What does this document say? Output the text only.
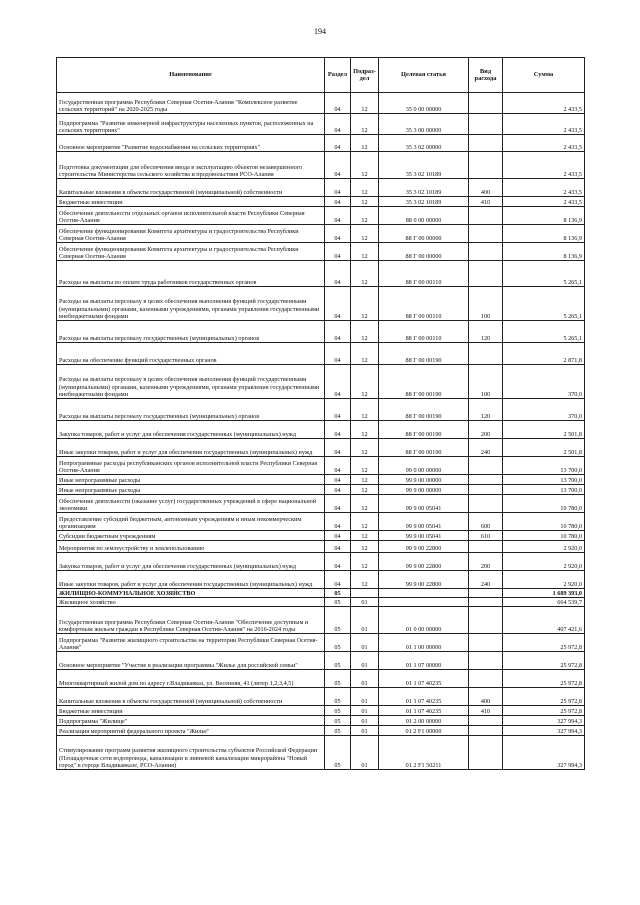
194
Наименование	Раздел	Подраз-дел	Целевая статья	Вид расхода	Сумма
Государственная программа Республики Северная Осетия-Алания "Комплексное развитие сельских территорий" на 2020-2025 годы	04	12	35 0 00 00000		2 433,5
Подпрограмма "Развитие инженерной инфраструктуры населенных пунктов, расположенных на сельских территориях"	04	12	35 3 00 00000		2 433,5
Основное мероприятие "Развитие водоснабжения на сельских территориях"	04	12	35 3 02 00000		2 433,5
Подготовка документации для обеспечения ввода в эксплуатацию объектов незавершенного строительства Министерства сельского хозяйства и продовольствия РСО-Алания	04	12	35 3 02 10189		2 433,5
Капитальные вложения в объекты государственной (муниципальной) собственности	04	12	35 3 02 10189	400	2 433,5
Бюджетные инвестиции	04	12	35 3 02 10189	410	2 433,5
Обеспечение деятельности отдельных органов исполнительной власти Республики Северная Осетия-Алания	04	12	88 0 00 00000		8 136,9
Обеспечение функционирования Комитета архитектуры и градостроительства Республики Северная Осетия-Алания	04	12	88 Г 00 00000		8 136,9
Обеспечение функционирования Комитета архитектуры и градостроительства Республики Северная Осетия-Алания	04	12	88 Г 00 00000		8 136,9
Расходы на выплаты по оплате труда работников государственных органов	04	12	88 Г 00 00110		5 265,1
Расходы на выплаты персоналу в целях обеспечения выполнения функций государственными (муниципальными) органами, казенными учреждениями, органами управления государственными внебюджетными фондами	04	12	88 Г 00 00110	100	5 265,1
Расходы на выплаты персоналу государственных (муниципальных) органов	04	12	88 Г 00 00110	120	5 265,1
Расходы на обеспечение функций государственных органов	04	12	88 Г 00 00190		2 871,8
Расходы на выплаты персоналу в целях обеспечения выполнения функций государственными (муниципальными) органами, казенными учреждениями, органами управления государственными внебюджетными фондами	04	12	88 Г 00 00190	100	370,0
Расходы на выплаты персоналу государственных (муниципальных) органов	04	12	88 Г 00 00190	120	370,0
Закупка товаров, работ и услуг для обеспечения государственных (муниципальных) нужд	04	12	88 Г 00 00190	200	2 501,8
Иные закупки товаров, работ и услуг для обеспечения государственных (муниципальных) нужд	04	12	88 Г 00 00190	240	2 501,8
Непрограммные расходы республиканских органов исполнительной власти Республики Северная Осетия-Алания	04	12	99 0 00 00000		13 700,0
Иные непрограммные расходы	04	12	99 9 00 00000		13 700,0
Иные непрограммные расходы	04	12	99 9 00 00000		13 700,0
Обеспечение деятельности (оказание услуг) государственных учреждений в сфере национальной экономики	04	12	99 9 00 05041		10 780,0
Предоставление субсидий бюджетным, автономным учреждениям и иным некоммерческим организациям	04	12	99 9 00 05041	600	10 780,0
Субсидии бюджетным учреждениям	04	12	99 9 00 05041	610	10 780,0
Мероприятия по землеустройству и землепользованию	04	12	99 9 00 22800		2 920,0
Закупка товаров, работ и услуг для обеспечения государственных (муниципальных) нужд	04	12	99 9 00 22800	200	2 920,0
Иные закупки товаров, работ и услуг для обеспечения государственных (муниципальных) нужд	04	12	99 9 00 22800	240	2 920,0
ЖИЛИЩНО-КОММУНАЛЬНОЕ ХОЗЯЙСТВО	05				1 689 393,0
Жилищное хозяйство	05	01			664 539,7
Государственная программа Республики Северная Осетия-Алания "Обеспечение доступным и комфортным жильем граждан в Республике Северная Осетия-Алания" на 2016-2024 годы	05	01	01 0 00 00000		407 421,6
Подпрограмма "Развитие жилищного строительства на территории Республики Северная Осетия-Алания"	05	01	01 1 00 00000		25 972,8
Основное мероприятие "Участие в реализации программы "Жилье для российской семьи"	05	01	01 1 07 00000		25 972,8
Многоквартирный жилой дом по адресу г.Владикавказ, ул. Весенняя, 41 (литер 1,2,3,4,5)	05	01	01 1 07 40235		25 972,8
Капитальные вложения в объекты государственной (муниципальной) собственности	05	01	01 1 07 40235	400	25 972,8
Бюджетные инвестиции	05	01	01 1 07 40235	410	25 972,8
Подпрограмма "Жилище"	05	01	01 2 00 00000		327 994,3
Реализация мероприятий федерального проекта "Жилье"	05	01	01 2 F1 00000		327 994,3
Стимулирование программ развития жилищного строительства субъектов Российской Федерации (Площадочные сети водопровода, канализации и ливневой канализации микрорайона "Новый город" в городе Владикавказе, РСО-Алания)	05	01	01 2 F1 50211		327 994,3
